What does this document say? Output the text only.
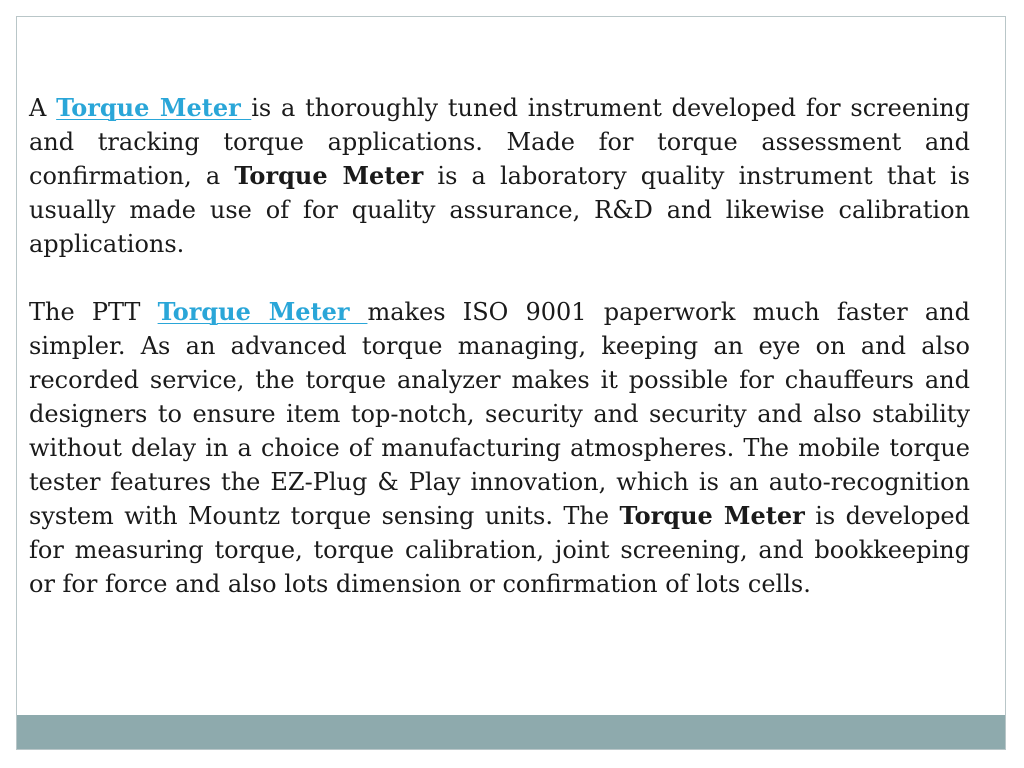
A Torque Meter is a thoroughly tuned instrument developed for screening and tracking torque applications. Made for torque assessment and confirmation, a Torque Meter is a laboratory quality instrument that is usually made use of for quality assurance, R&D and likewise calibration applications.

The PTT Torque Meter makes ISO 9001 paperwork much faster and simpler. As an advanced torque managing, keeping an eye on and also recorded service, the torque analyzer makes it possible for chauffeurs and designers to ensure item top-notch, security and security and also stability without delay in a choice of manufacturing atmospheres. The mobile torque tester features the EZ-Plug & Play innovation, which is an auto-recognition system with Mountz torque sensing units. The Torque Meter is developed for measuring torque, torque calibration, joint screening, and bookkeeping or for force and also lots dimension or confirmation of lots cells.
